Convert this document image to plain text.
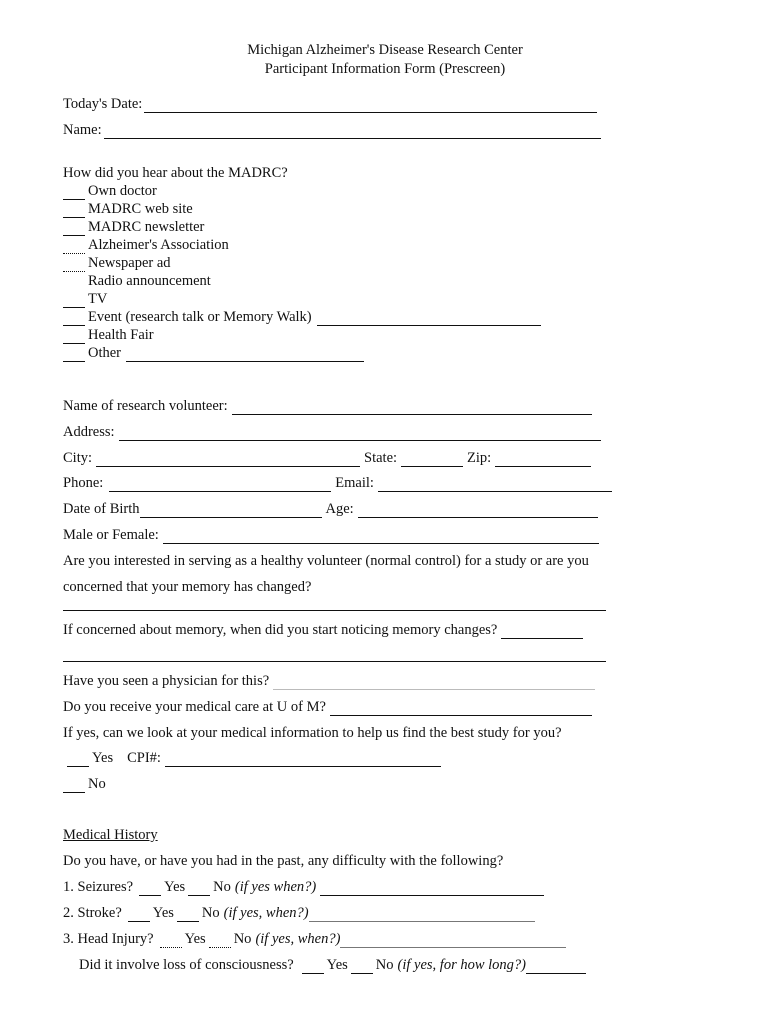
Michigan Alzheimer's Disease Research Center
Participant Information Form (Prescreen)
Today's Date:
Name:
How did you hear about the MADRC?
Own doctor
MADRC web site
MADRC newsletter
Alzheimer's Association
Newspaper ad
Radio announcement
TV
Event (research talk or Memory Walk)
Health Fair
Other
Name of research volunteer:
Address:
City:	State:	Zip:
Phone:	Email:
Date of Birth	Age:
Male or Female:
Are you interested in serving as a healthy volunteer (normal control) for a study or are you
concerned that your memory has changed?
If concerned about memory, when did you start noticing memory changes?
Have you seen a physician for this?
Do you receive your medical care at U of M?
If yes, can we look at your medical information to help us find the best study for you?
Yes CPI#:
No
Medical History
Do you have, or have you had in the past, any difficulty with the following?
1. Seizures? Yes No (if yes when?)
2. Stroke? Yes No (if yes, when?)
3. Head Injury? Yes No (if yes, when?)
Did it involve loss of consciousness? Yes No (if yes, for how long?)
